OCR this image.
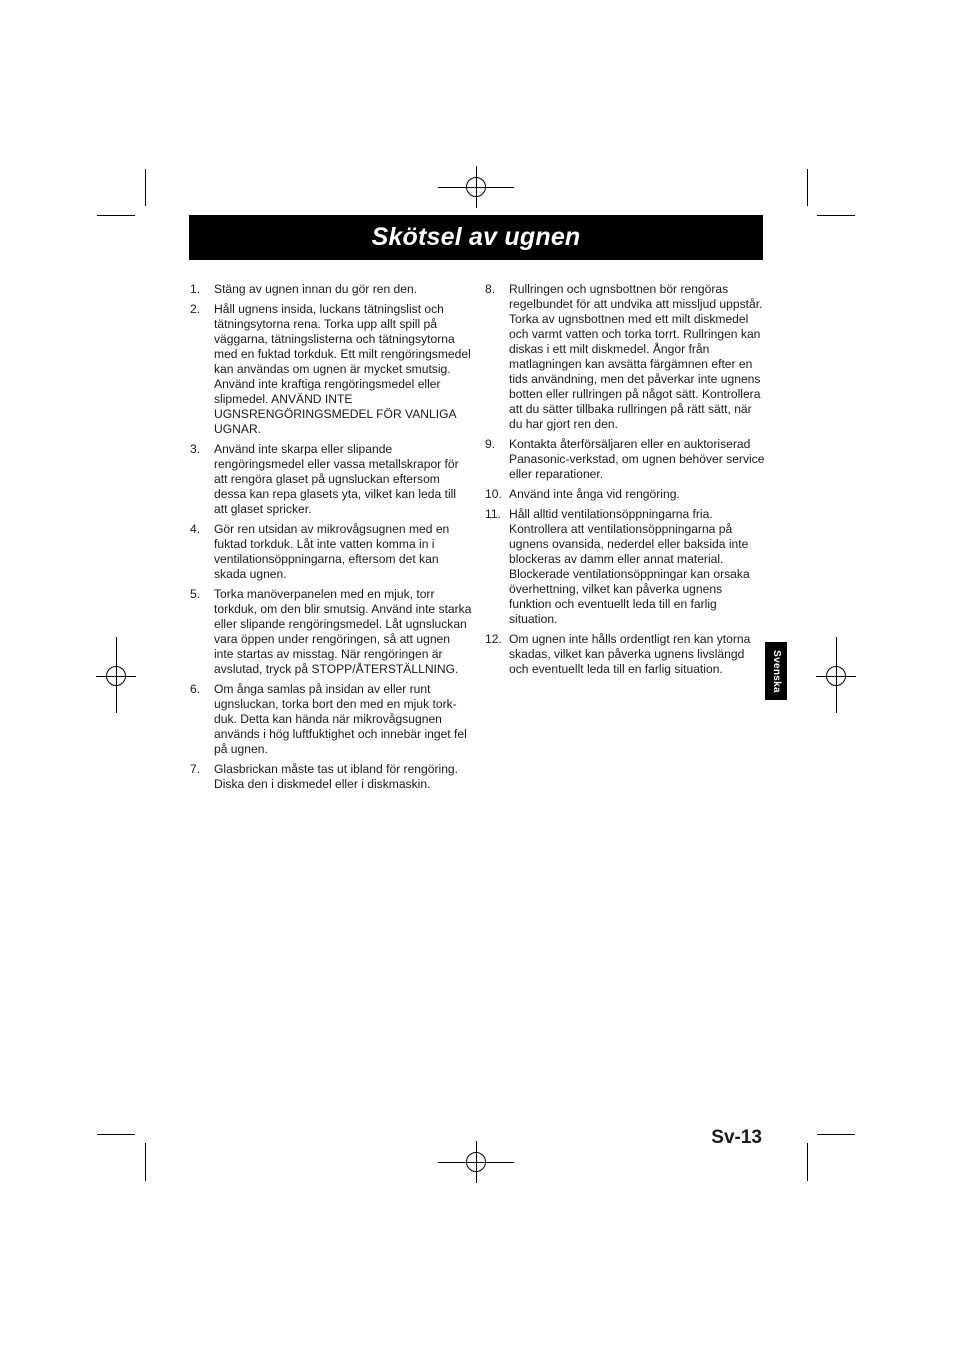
Skötsel av ugnen
1.	Stäng av ugnen innan du gör ren den.
2.	Håll ugnens insida, luckans tätningslist och tätningsytorna rena. Torka upp allt spill på väggarna, tätningslisterna och tätningsytorna med en fuktad torkduk. Ett milt rengöringsmedel kan användas om ugnen är mycket smutsig. Använd inte kraftiga rengöringsmedel eller slipmedel. ANVÄND INTE UGNSRENGÖRINGSMEDEL FÖR VANLIGA UGNAR.
3.	Använd inte skarpa eller slipande rengöringsmedel eller vassa metallskrapor för att rengöra glaset på ugnsluckan eftersom dessa kan repa glasets yta, vilket kan leda till att glaset spricker.
4.	Gör ren utsidan av mikrovågsugnen med en fuktad torkduk. Låt inte vatten komma in i ventilationsöppningarna, eftersom det kan skada ugnen.
5.	Torka manöverpanelen med en mjuk, torr torkduk, om den blir smutsig. Använd inte starka eller slipande rengöringsmedel. Låt ugnsluckan vara öppen under rengöringen, så att ugnen inte startas av misstag. När rengöringen är avslutad, tryck på STOPP/ÅTERSTÄLLNING.
6.	Om ånga samlas på insidan av eller runt ugnsluckan, torka bort den med en mjuk tork-duk. Detta kan hända när mikrovågsugnen används i hög luftfuktighet och innebär inget fel på ugnen.
7.	Glasbrickan måste tas ut ibland för rengöring. Diska den i diskmedel eller i diskmaskin.
8.	Rullringen och ugnsbottnen bör rengöras regelbundet för att undvika att missljud uppstår. Torka av ugnsbottnen med ett milt diskmedel och varmt vatten och torka torrt. Rullringen kan diskas i ett milt diskmedel. Ångor från matlagningen kan avsätta färgämnen efter en tids användning, men det påverkar inte ugnens botten eller rullringen på något sätt. Kontrollera att du sätter tillbaka rullringen på rätt sätt, när du har gjort ren den.
9.	Kontakta återförsäljaren eller en auktoriserad Panasonic-verkstad, om ugnen behöver service eller reparationer.
10. Använd inte ånga vid rengöring.
11. Håll alltid ventilationsöppningarna fria. Kontrollera att ventilationsöppningarna på ugnens ovansida, nederdel eller baksida inte blockeras av damm eller annat material. Blockerade ventilationsöppningar kan orsaka överhettning, vilket kan påverka ugnens funktion och eventuellt leda till en farlig situation.
12. Om ugnen inte hålls ordentligt ren kan ytorna skadas, vilket kan påverka ugnens livslängd och eventuellt leda till en farlig situation.	Svenska
Sv-13
